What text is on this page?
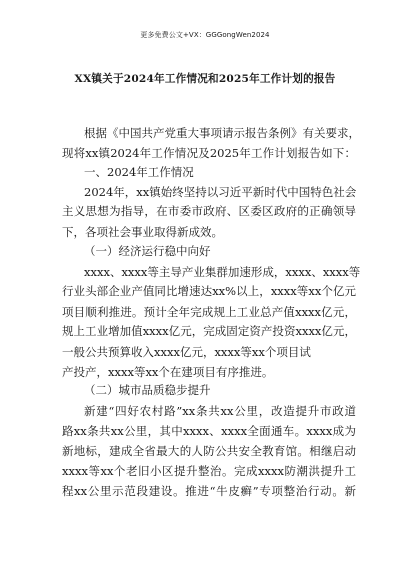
更多免费公文+VX：GGGongWen2024
XX镇关于2024年工作情况和2025年工作计划的报告
根据《中国共产党重大事项请示报告条例》有关要求，
现将xx镇2024年工作情况及2025年工作计划报告如下：
一、2024年工作情况
2024年，xx镇始终坚持以习近平新时代中国特色社会
主义思想为指导，在市委市政府、区委区政府的正确领导
下，各项社会事业取得新成效。
（一）经济运行稳中向好
xxxx、xxxx等主导产业集群加速形成，xxxx、xxxx等
行业头部企业产值同比增速达xx%以上，xxxx等xx个亿元
项目顺利推进。预计全年完成规上工业总产值xxxx亿元，
规上工业增加值xxxx亿元，完成固定资产投资xxxx亿元，
一般公共预算收入xxxx亿元，xxxx等xx个项目试
产投产，xxxx等xx个在建项目有序推进。
（二）城市品质稳步提升
新建“四好农村路”xx条共xx公里，改造提升市政道
路xx条共xx公里，其中xxxx、xxxx全面通车。xxxx成为
新地标，建成全省最大的人防公共安全教育馆。相继启动
xxxx等xx个老旧小区提升整治。完成xxxx防潮洪提升工
程xx公里示范段建设。推进“牛皮癣”专项整治行动。新
